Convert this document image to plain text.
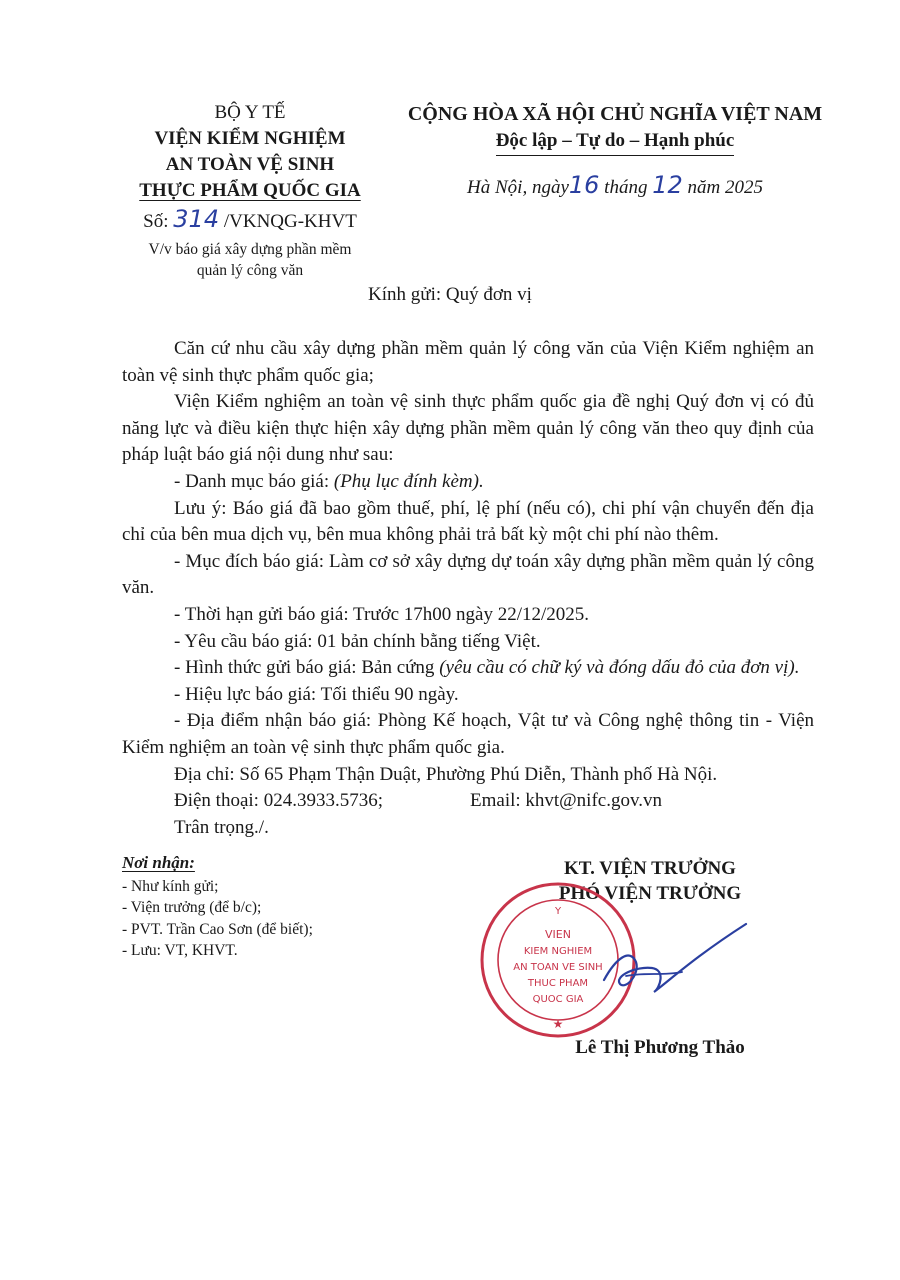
BỘ Y TẾ
VIỆN KIỂM NGHIỆM
AN TOÀN VỆ SINH
THỰC PHẨM QUỐC GIA
Số: 314 /VKNQG-KHVT
V/v báo giá xây dựng phần mềm
quản lý công văn
CỘNG HÒA XÃ HỘI CHỦ NGHĨA VIỆT NAM
Độc lập – Tự do – Hạnh phúc
Hà Nội, ngày16 tháng 12 năm 2025
Kính gửi: Quý đơn vị

Căn cứ nhu cầu xây dựng phần mềm quản lý công văn của Viện Kiểm nghiệm an toàn vệ sinh thực phẩm quốc gia;

Viện Kiểm nghiệm an toàn vệ sinh thực phẩm quốc gia đề nghị Quý đơn vị có đủ năng lực và điều kiện thực hiện xây dựng phần mềm quản lý công văn theo quy định của pháp luật báo giá nội dung như sau:

- Danh mục báo giá: (Phụ lục đính kèm).

Lưu ý: Báo giá đã bao gồm thuế, phí, lệ phí (nếu có), chi phí vận chuyển đến địa chỉ của bên mua dịch vụ, bên mua không phải trả bất kỳ một chi phí nào thêm.

- Mục đích báo giá: Làm cơ sở xây dựng dự toán xây dựng phần mềm quản lý công văn.

- Thời hạn gửi báo giá: Trước 17h00 ngày 22/12/2025.

- Yêu cầu báo giá: 01 bản chính bằng tiếng Việt.

- Hình thức gửi báo giá: Bản cứng (yêu cầu có chữ ký và đóng dấu đỏ của đơn vị).

- Hiệu lực báo giá: Tối thiểu 90 ngày.

- Địa điểm nhận báo giá: Phòng Kế hoạch, Vật tư và Công nghệ thông tin - Viện Kiểm nghiệm an toàn vệ sinh thực phẩm quốc gia.

Địa chỉ: Số 65 Phạm Thận Duật, Phường Phú Diễn, Thành phố Hà Nội.

Điện thoại: 024.3933.5736;	Email: khvt@nifc.gov.vn

Trân trọng./.

Nơi nhận:
- Như kính gửi;
- Viện trưởng (để b/c);
- PVT. Trần Cao Sơn (để biết);
- Lưu: VT, KHVT.
KT. VIỆN TRƯỞNG
PHÓ VIỆN TRƯỞNG
Y
VIEN
KIEM NGHIEM
AN TOAN VE SINH
THUC PHAM
QUOC GIA
★
Lê Thị Phương Thảo
